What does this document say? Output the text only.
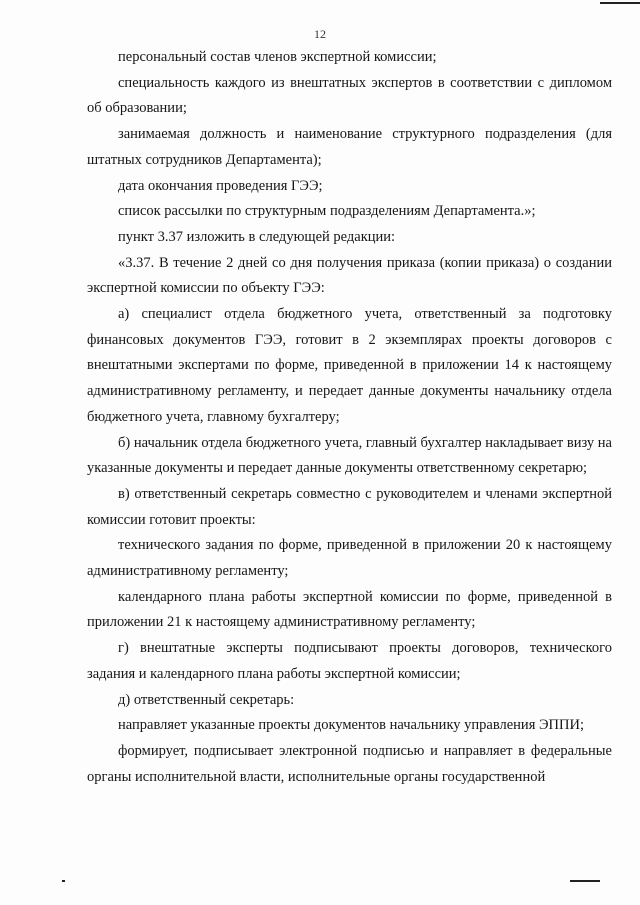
12

персональный состав членов экспертной комиссии;

специальность каждого из внештатных экспертов в соответствии с дипломом об образовании;

занимаемая должность и наименование структурного подразделения (для штатных сотрудников Департамента);

дата окончания проведения ГЭЭ;

список рассылки по структурным подразделениям Департамента.»;

пункт 3.37 изложить в следующей редакции:

«3.37. В течение 2 дней со дня получения приказа (копии приказа) о создании экспертной комиссии по объекту ГЭЭ:

а) специалист отдела бюджетного учета, ответственный за подготовку финансовых документов ГЭЭ, готовит в 2 экземплярах проекты договоров с внештатными экспертами по форме, приведенной в приложении 14 к настоящему административному регламенту, и передает данные документы начальнику отдела бюджетного учета, главному бухгалтеру;

б) начальник отдела бюджетного учета, главный бухгалтер накладывает визу на указанные документы и передает данные документы ответственному секретарю;

в) ответственный секретарь совместно с руководителем и членами экспертной комиссии готовит проекты:

технического задания по форме, приведенной в приложении 20 к настоящему административному регламенту;

календарного плана работы экспертной комиссии по форме, приведенной в приложении 21 к настоящему административному регламенту;

г) внештатные эксперты подписывают проекты договоров, технического задания и календарного плана работы экспертной комиссии;

д) ответственный секретарь:

направляет указанные проекты документов начальнику управления ЭППИ;

формирует, подписывает электронной подписью и направляет в федеральные органы исполнительной власти, исполнительные органы государственной
